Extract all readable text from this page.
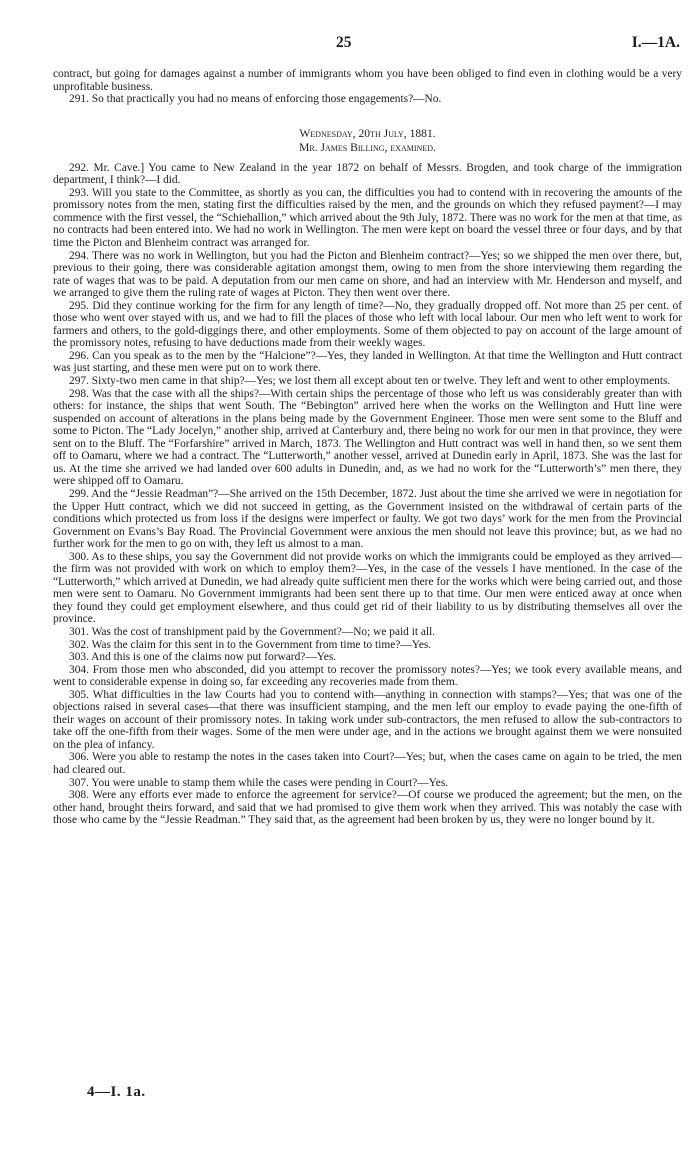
25	I.—1A.

contract, but going for damages against a number of immigrants whom you have been obliged to find even in clothing would be a very unprofitable business.

291. So that practically you had no means of enforcing those engagements?—No.

Wednesday, 20th July, 1881.

Mr. James Billing, examined.

292. Mr. Cave.] You came to New Zealand in the year 1872 on behalf of Messrs. Brogden, and took charge of the immigration department, I think?—I did.

293. Will you state to the Committee, as shortly as you can, the difficulties you had to contend with in recovering the amounts of the promissory notes from the men, stating first the difficulties raised by the men, and the grounds on which they refused payment?—I may commence with the first vessel, the “Schiehallion,” which arrived about the 9th July, 1872. There was no work for the men at that time, as no contracts had been entered into. We had no work in Wellington. The men were kept on board the vessel three or four days, and by that time the Picton and Blenheim contract was arranged for.

294. There was no work in Wellington, but you had the Picton and Blenheim contract?—Yes; so we shipped the men over there, but, previous to their going, there was considerable agitation amongst them, owing to men from the shore interviewing them regarding the rate of wages that was to be paid. A deputation from our men came on shore, and had an interview with Mr. Henderson and myself, and we arranged to give them the ruling rate of wages at Picton. They then went over there.

295. Did they continue working for the firm for any length of time?—No, they gradually dropped off. Not more than 25 per cent. of those who went over stayed with us, and we had to fill the places of those who left with local labour. Our men who left went to work for farmers and others, to the gold-diggings there, and other employments. Some of them objected to pay on account of the large amount of the promissory notes, refusing to have deductions made from their weekly wages.

296. Can you speak as to the men by the “Halcione”?—Yes, they landed in Wellington. At that time the Wellington and Hutt contract was just starting, and these men were put on to work there.

297. Sixty-two men came in that ship?—Yes; we lost them all except about ten or twelve. They left and went to other employments.

298. Was that the case with all the ships?—With certain ships the percentage of those who left us was considerably greater than with others: for instance, the ships that went South. The “Bebington” arrived here when the works on the Wellington and Hutt line were suspended on account of alterations in the plans being made by the Government Engineer. Those men were sent some to the Bluff and some to Picton. The “Lady Jocelyn,” another ship, arrived at Canterbury and, there being no work for our men in that province, they were sent on to the Bluff. The “Forfarshire” arrived in March, 1873. The Wellington and Hutt contract was well in hand then, so we sent them off to Oamaru, where we had a contract. The “Lutterworth,” another vessel, arrived at Dunedin early in April, 1873. She was the last for us. At the time she arrived we had landed over 600 adults in Dunedin, and, as we had no work for the “Lutterworth’s” men there, they were shipped off to Oamaru.

299. And the “Jessie Readman”?—She arrived on the 15th December, 1872. Just about the time she arrived we were in negotiation for the Upper Hutt contract, which we did not succeed in getting, as the Government insisted on the withdrawal of certain parts of the conditions which protected us from loss if the designs were imperfect or faulty. We got two days’ work for the men from the Provincial Government on Evans’s Bay Road. The Provincial Government were anxious the men should not leave this province; but, as we had no further work for the men to go on with, they left us almost to a man.

300. As to these ships, you say the Government did not provide works on which the immigrants could be employed as they arrived—the firm was not provided with work on which to employ them?—Yes, in the case of the vessels I have mentioned. In the case of the “Lutterworth,” which arrived at Dunedin, we had already quite sufficient men there for the works which were being carried out, and those men were sent to Oamaru. No Government immigrants had been sent there up to that time. Our men were enticed away at once when they found they could get employment elsewhere, and thus could get rid of their liability to us by distributing themselves all over the province.

301. Was the cost of transhipment paid by the Government?—No; we paid it all.

302. Was the claim for this sent in to the Government from time to time?—Yes.

303. And this is one of the claims now put forward?—Yes.

304. From those men who absconded, did you attempt to recover the promissory notes?—Yes; we took every available means, and went to considerable expense in doing so, far exceeding any recoveries made from them.

305. What difficulties in the law Courts had you to contend with—anything in connection with stamps?—Yes; that was one of the objections raised in several cases—that there was insufficient stamping, and the men left our employ to evade paying the one-fifth of their wages on account of their promissory notes. In taking work under sub-contractors, the men refused to allow the sub-contractors to take off the one-fifth from their wages. Some of the men were under age, and in the actions we brought against them we were nonsuited on the plea of infancy.

306. Were you able to restamp the notes in the cases taken into Court?—Yes; but, when the cases came on again to be tried, the men had cleared out.

307. You were unable to stamp them while the cases were pending in Court?—Yes.

308. Were any efforts ever made to enforce the agreement for service?—Of course we produced the agreement; but the men, on the other hand, brought theirs forward, and said that we had promised to give them work when they arrived. This was notably the case with those who came by the “Jessie Readman.” They said that, as the agreement had been broken by us, they were no longer bound by it.

4—I. 1a.
